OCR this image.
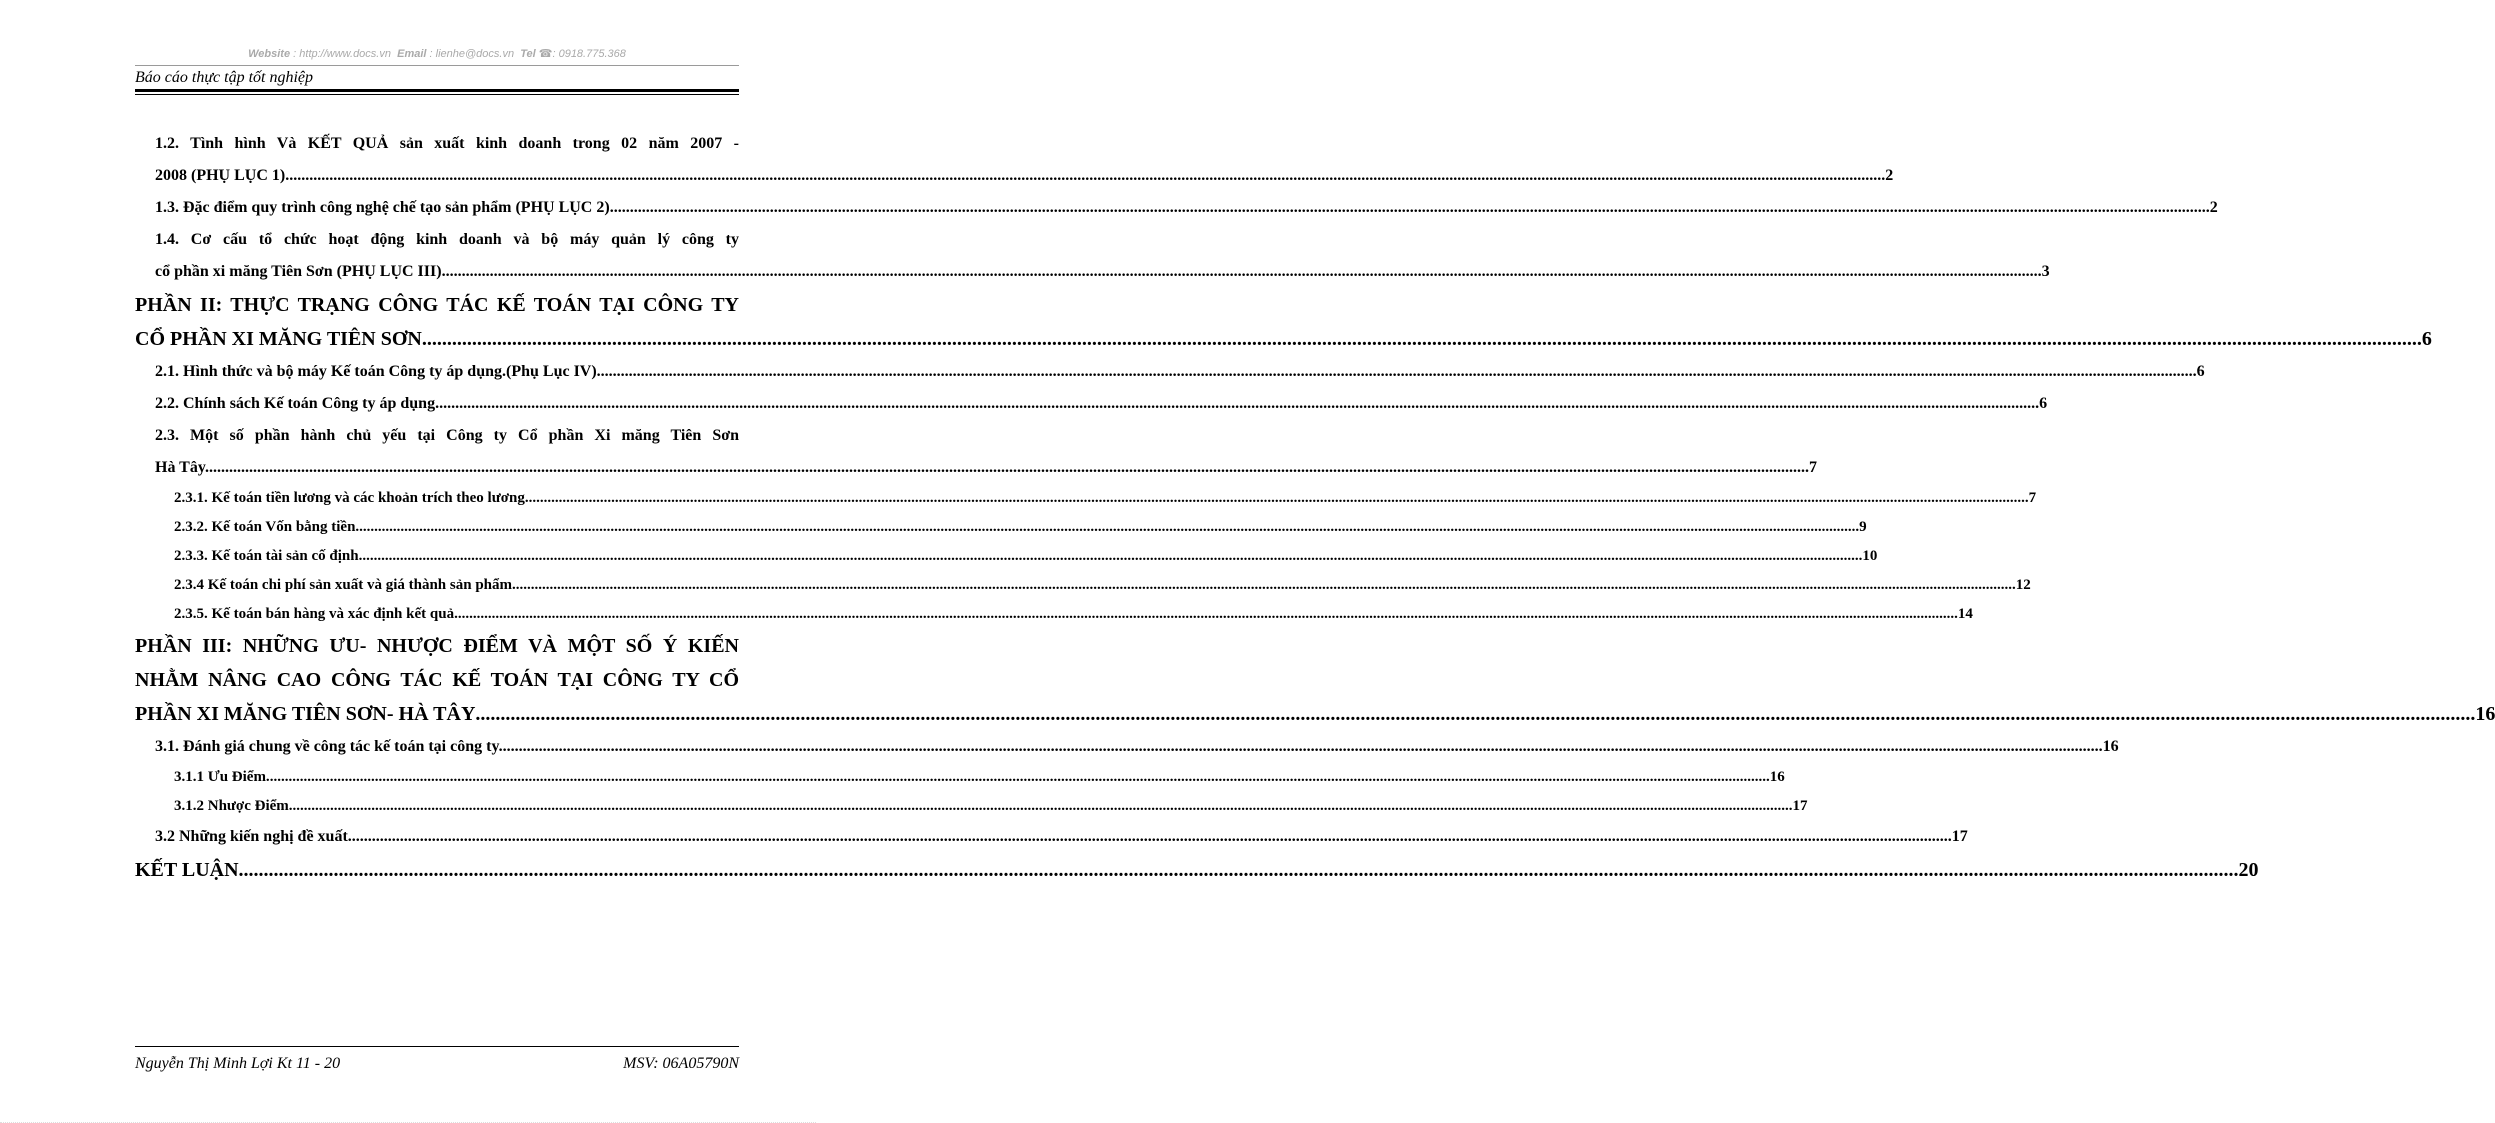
Website : http://www.docs.vn Email : lienhe@docs.vn Tel ☎: 0918.775.368
Báo cáo thực tập tốt nghiệp
1.2. Tình hình Và KẾT QUẢ sản xuất kinh doanh trong 02 năm 2007 -
2008 (PHỤ LỤC 1) ................................................................................................................................................................................................................................................................................................................................................................................................................ 2
1.3. Đặc điểm quy trình công nghệ chế tạo sản phẩm (PHỤ LỤC 2) ................................................................................................................................................................................................................................................................................................................................................................................................................ 2
1.4. Cơ cấu tổ chức hoạt động kinh doanh và bộ máy quản lý công ty
cổ phần xi măng Tiên Sơn (PHỤ LỤC III) ................................................................................................................................................................................................................................................................................................................................................................................................................ 3
PHẦN II: THỰC TRẠNG CÔNG TÁC KẾ TOÁN TẠI CÔNG TY
CỔ PHẦN XI MĂNG TIÊN SƠN ................................................................................................................................................................................................................................................................................................................................................................................................................ 6
2.1. Hình thức và bộ máy Kế toán Công ty áp dụng.(Phụ Lục IV) ................................................................................................................................................................................................................................................................................................................................................................................................................ 6
2.2. Chính sách Kế toán Công ty áp dụng. ................................................................................................................................................................................................................................................................................................................................................................................................................ 6
2.3. Một số phần hành chủ yếu tại Công ty Cổ phần Xi măng Tiên Sơn
Hà Tây. ................................................................................................................................................................................................................................................................................................................................................................................................................ 7
2.3.1. Kế toán tiền lương và các khoản trích theo lương. ................................................................................................................................................................................................................................................................................................................................................................................................................ 7
2.3.2. Kế toán Vốn bằng tiền. ................................................................................................................................................................................................................................................................................................................................................................................................................ 9
2.3.3. Kế toán tài sản cố định. ................................................................................................................................................................................................................................................................................................................................................................................................................ 10
2.3.4 Kế toán chi phí sản xuất và giá thành sản phẩm. ................................................................................................................................................................................................................................................................................................................................................................................................................ 12
2.3.5. Kế toán bán hàng và xác định kết quả. ................................................................................................................................................................................................................................................................................................................................................................................................................ 14
PHẦN III: NHỮNG ƯU- NHƯỢC ĐIỂM VÀ MỘT SỐ Ý KIẾN
NHẰM NÂNG CAO CÔNG TÁC KẾ TOÁN TẠI CÔNG TY CỔ
PHẦN XI MĂNG TIÊN SƠN- HÀ TÂY ................................................................................................................................................................................................................................................................................................................................................................................................................ 16
3.1. Đánh giá chung về công tác kế toán tại công ty. ................................................................................................................................................................................................................................................................................................................................................................................................................ 16
3.1.1 Ưu Điểm. ................................................................................................................................................................................................................................................................................................................................................................................................................ 16
3.1.2 Nhược Điểm. ................................................................................................................................................................................................................................................................................................................................................................................................................ 17
3.2 Những kiến nghị đề xuất. ................................................................................................................................................................................................................................................................................................................................................................................................................ 17
KẾT LUẬN ................................................................................................................................................................................................................................................................................................................................................................................................................ 20
Nguyễn Thị Minh Lợi Kt 11 - 20	MSV: 06A05790N
